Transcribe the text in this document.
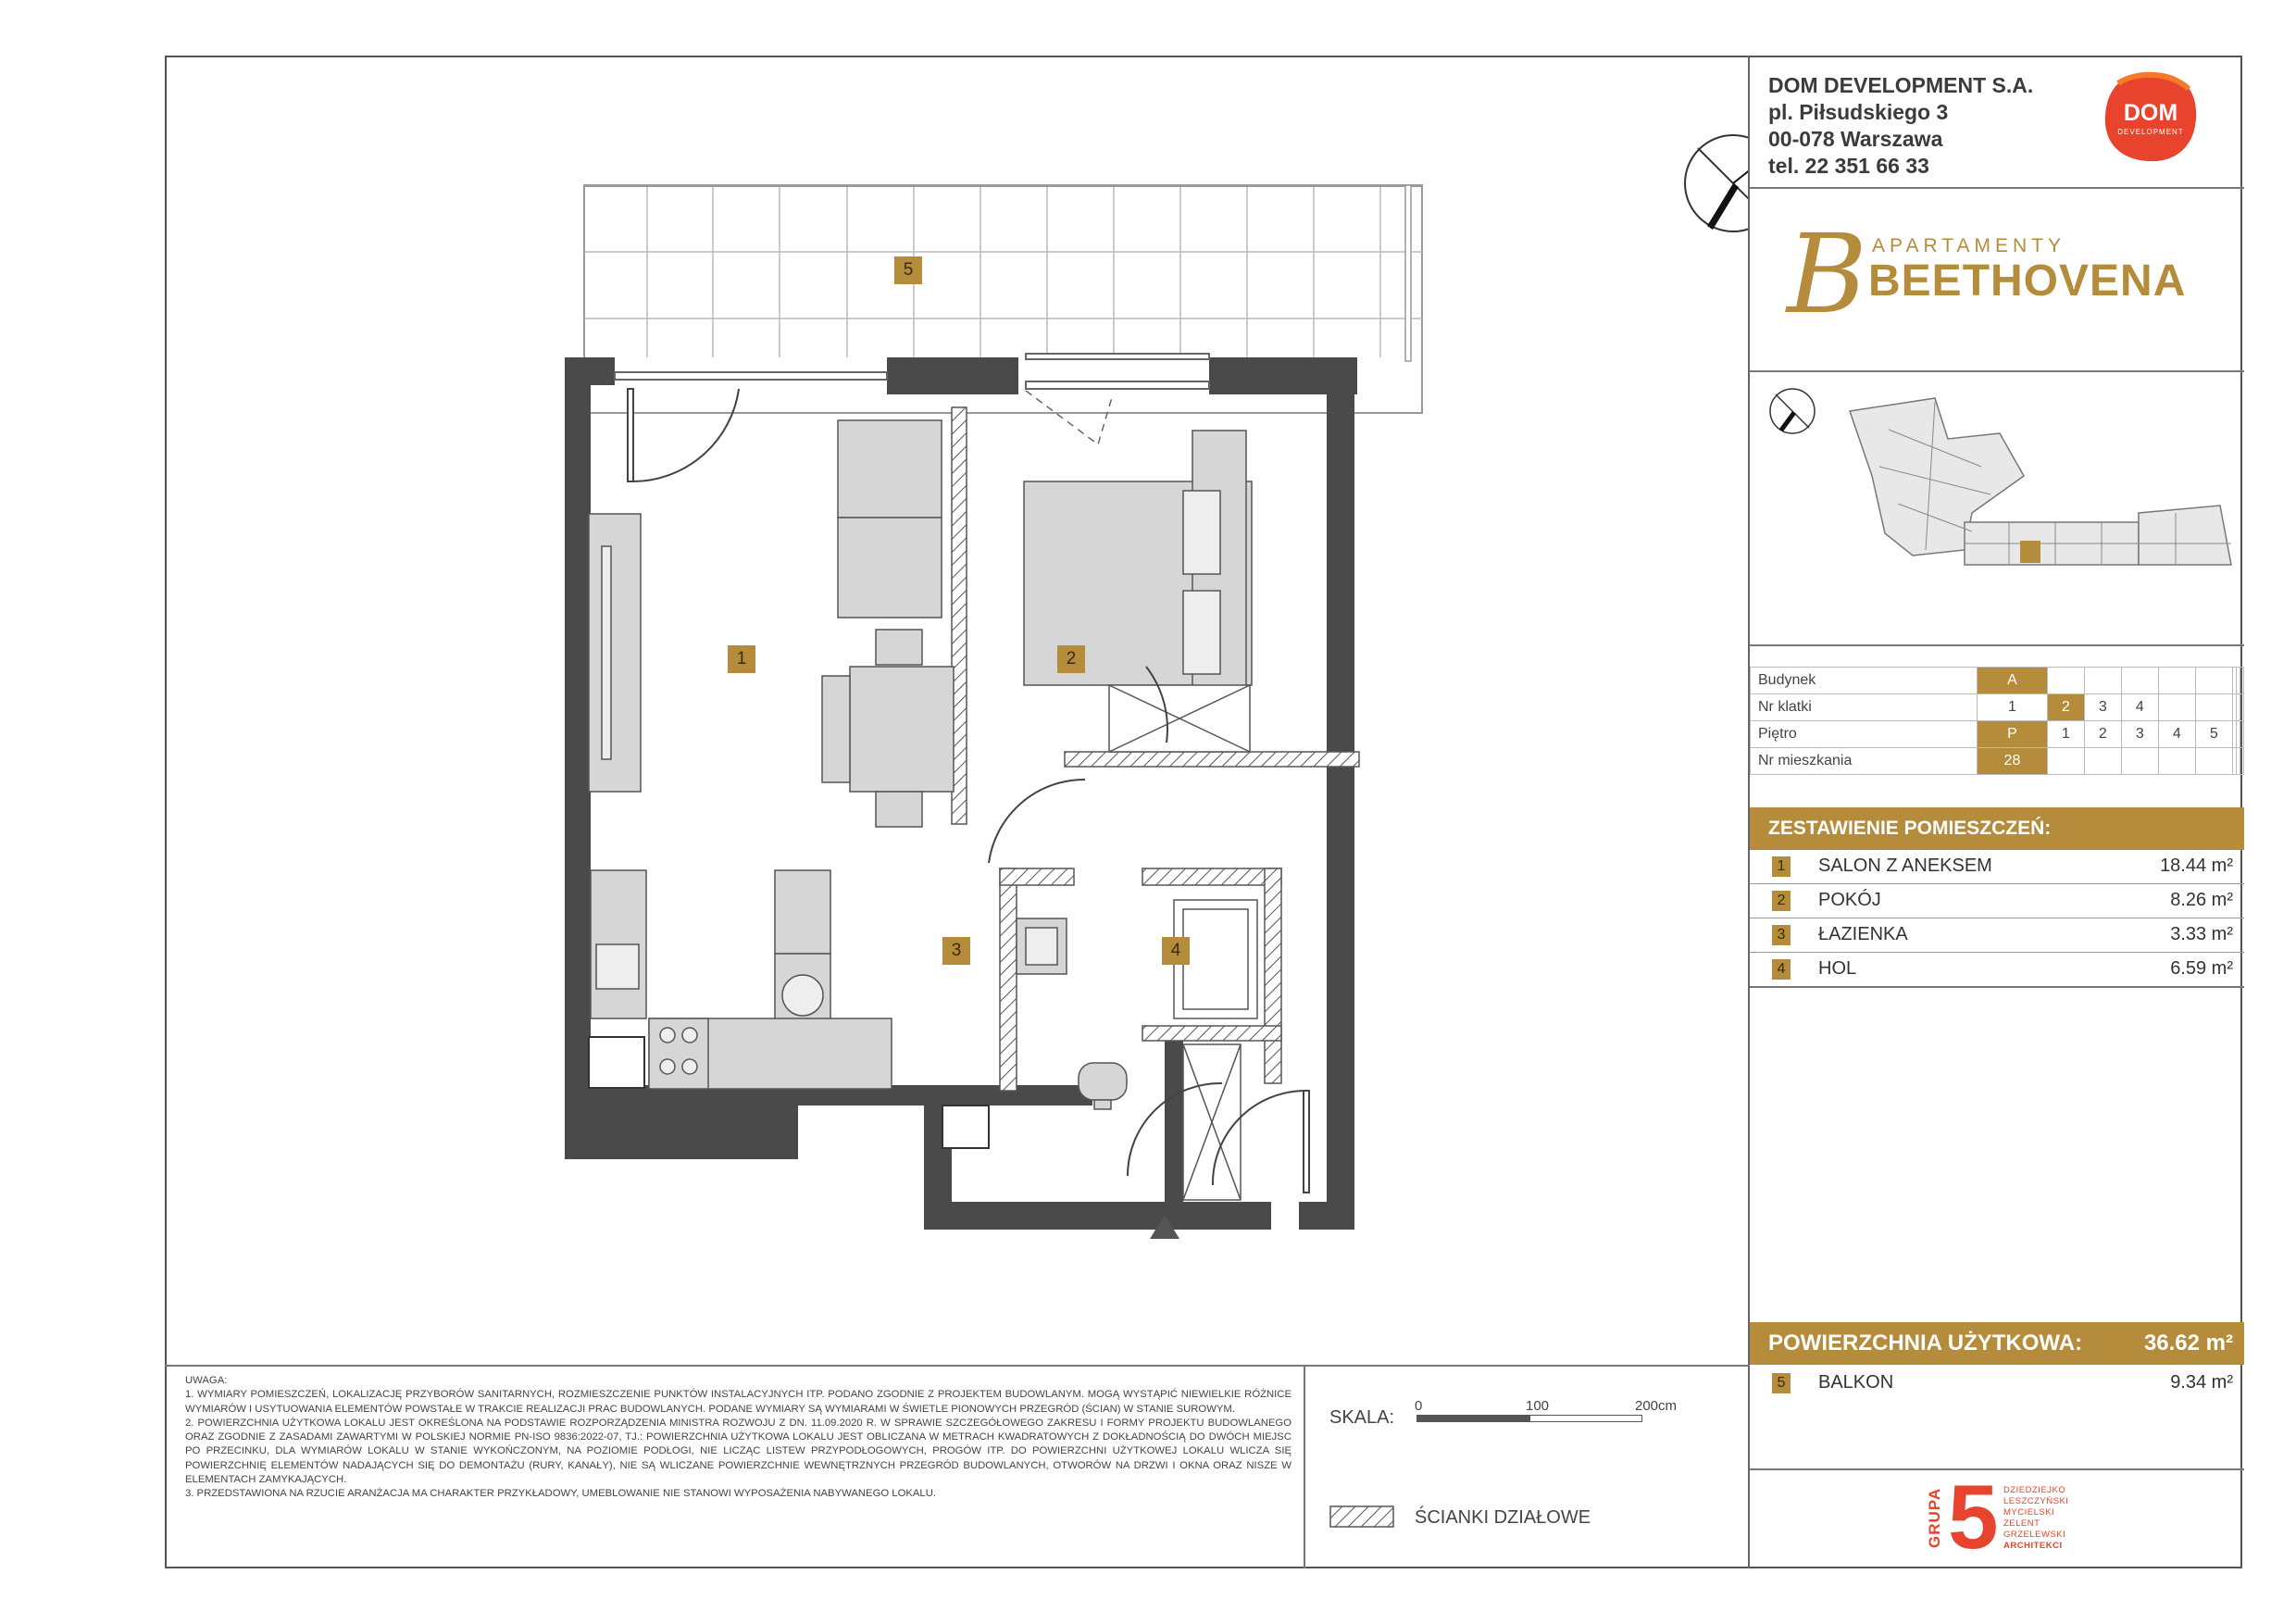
1	2
3	4
5
DOM DEVELOPMENT S.A.
pl. Piłsudskiego 3
00-078 Warszawa
tel. 22 351 66 33
DOM
DEVELOPMENT
B APARTAMENTY
BEETHOVENA
Budynek	A								
Nr klatki	1	2	3	4					
Piętro	P	1	2	3	4	5			
Nr mieszkania	28								
ZESTAWIENIE POMIESZCZEŃ:
1 SALON Z ANEKSEM	18.44 m²
2 POKÓJ	8.26 m²
3 ŁAZIENKA	3.33 m²
4 HOL	6.59 m²
POWIERZCHNIA UŻYTKOWA:	36.62 m²
5 BALKON	9.34 m²
GRUPA 5 DZIEDZIEJKO
LESZCZYŃSKI
MYCIELSKI
ZELENT
GRZELEWSKI
ARCHITEKCI

UWAGA:

1. WYMIARY POMIESZCZEŃ, LOKALIZACJĘ PRZYBORÓW SANITARNYCH, ROZMIESZCZENIE PUNKTÓW INSTALACYJNYCH ITP. PODANO ZGODNIE Z PROJEKTEM BUDOWLANYM. MOGĄ WYSTĄPIĆ NIEWIELKIE RÓŻNICE WYMIARÓW I USYTUOWANIA ELEMENTÓW POWSTAŁE W TRAKCIE REALIZACJI PRAC BUDOWLANYCH. PODANE WYMIARY SĄ WYMIARAMI W ŚWIETLE PIONOWYCH PRZEGRÓD (ŚCIAN) W STANIE SUROWYM.

2. POWIERZCHNIA UŻYTKOWA LOKALU JEST OKREŚLONA NA PODSTAWIE ROZPORZĄDZENIA MINISTRA ROZWOJU Z DN. 11.09.2020 R. W SPRAWIE SZCZEGÓŁOWEGO ZAKRESU I FORMY PROJEKTU BUDOWLANEGO ORAZ ZGODNIE Z ZASADAMI ZAWARTYMI W POLSKIEJ NORMIE PN-ISO 9836:2022-07, TJ.: POWIERZCHNIA UŻYTKOWA LOKALU JEST OBLICZANA W METRACH KWADRATOWYCH Z DOKŁADNOŚCIĄ DO DWÓCH MIEJSC PO PRZECINKU, DLA WYMIARÓW LOKALU W STANIE WYKOŃCZONYM, NA POZIOMIE PODŁOGI, NIE LICZĄC LISTEW PRZYPODŁOGOWYCH, PROGÓW ITP. DO POWIERZCHNI UŻYTKOWEJ LOKALU WLICZA SIĘ POWIERZCHNIĘ ELEMENTÓW NADAJĄCYCH SIĘ DO DEMONTAŻU (RURY, KANAŁY), NIE SĄ WLICZANE POWIERZCHNIE WEWNĘTRZNYCH PRZEGRÓD BUDOWLANYCH, OTWORÓW NA DRZWI I OKNA ORAZ NISZE W ELEMENTACH ZAMYKAJĄCYCH.

3. PRZEDSTAWIONA NA RZUCIE ARANŻACJA MA CHARAKTER PRZYKŁADOWY, UMEBLOWANIE NIE STANOWI WYPOSAŻENIA NABYWANEGO LOKALU.

SKALA:
0	100	200cm
ŚCIANKI DZIAŁOWE
